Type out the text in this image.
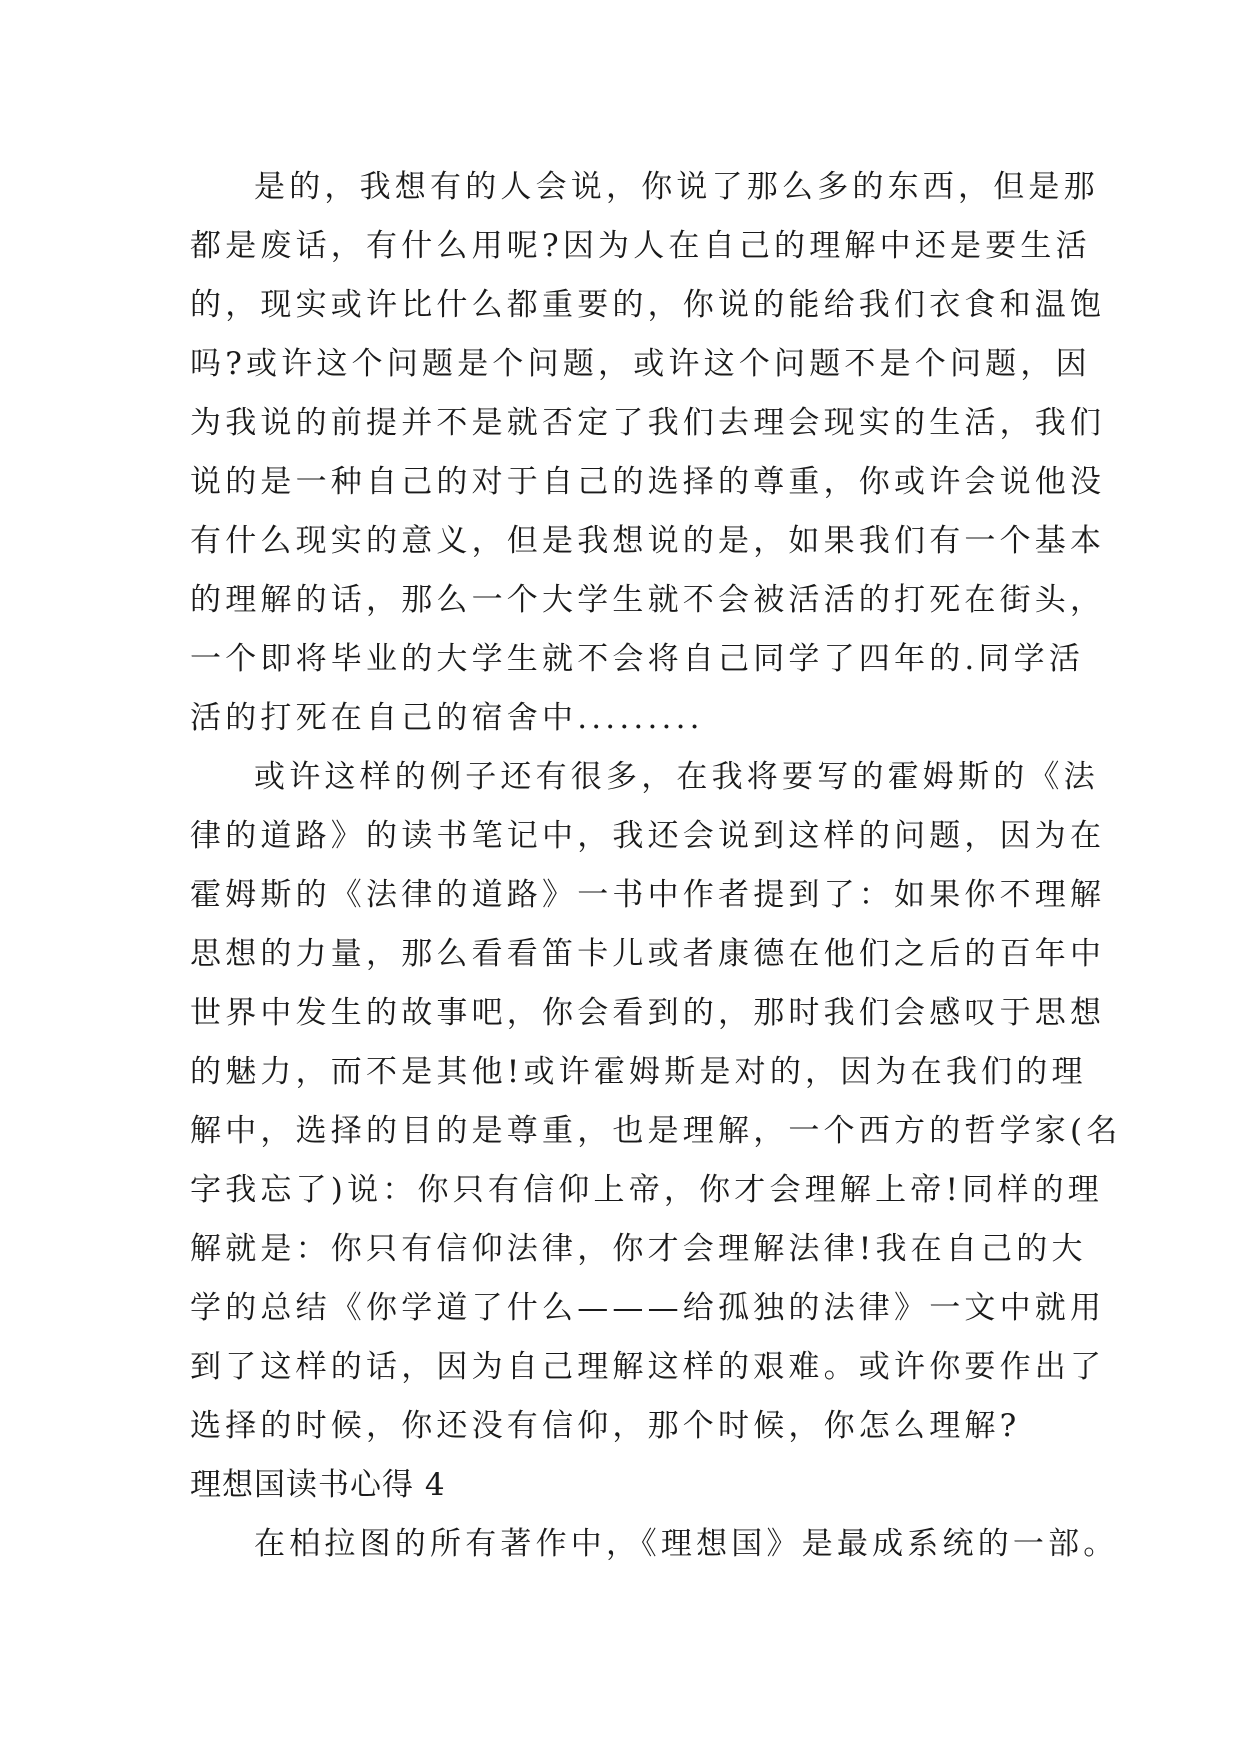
是的，我想有的人会说，你说了那么多的东西，但是那
都是废话，有什么用呢?因为人在自己的理解中还是要生活
的，现实或许比什么都重要的，你说的能给我们衣食和温饱
吗?或许这个问题是个问题，或许这个问题不是个问题，因
为我说的前提并不是就否定了我们去理会现实的生活，我们
说的是一种自己的对于自己的选择的尊重，你或许会说他没
有什么现实的意义，但是我想说的是，如果我们有一个基本
的理解的话，那么一个大学生就不会被活活的打死在街头，
一个即将毕业的大学生就不会将自己同学了四年的.同学活
活的打死在自己的宿舍中.........
或许这样的例子还有很多，在我将要写的霍姆斯的《法
律的道路》的读书笔记中，我还会说到这样的问题，因为在
霍姆斯的《法律的道路》一书中作者提到了：如果你不理解
思想的力量，那么看看笛卡儿或者康德在他们之后的百年中
世界中发生的故事吧，你会看到的，那时我们会感叹于思想
的魅力，而不是其他!或许霍姆斯是对的，因为在我们的理
解中，选择的目的是尊重，也是理解，一个西方的哲学家(名
字我忘了)说：你只有信仰上帝，你才会理解上帝!同样的理
解就是：你只有信仰法律，你才会理解法律!我在自己的大
学的总结《你学道了什么———给孤独的法律》一文中就用
到了这样的话，因为自己理解这样的艰难。或许你要作出了
选择的时候，你还没有信仰，那个时候，你怎么理解?
理想国读书心得 4
在柏拉图的所有著作中，《理想国》是最成系统的一部。
